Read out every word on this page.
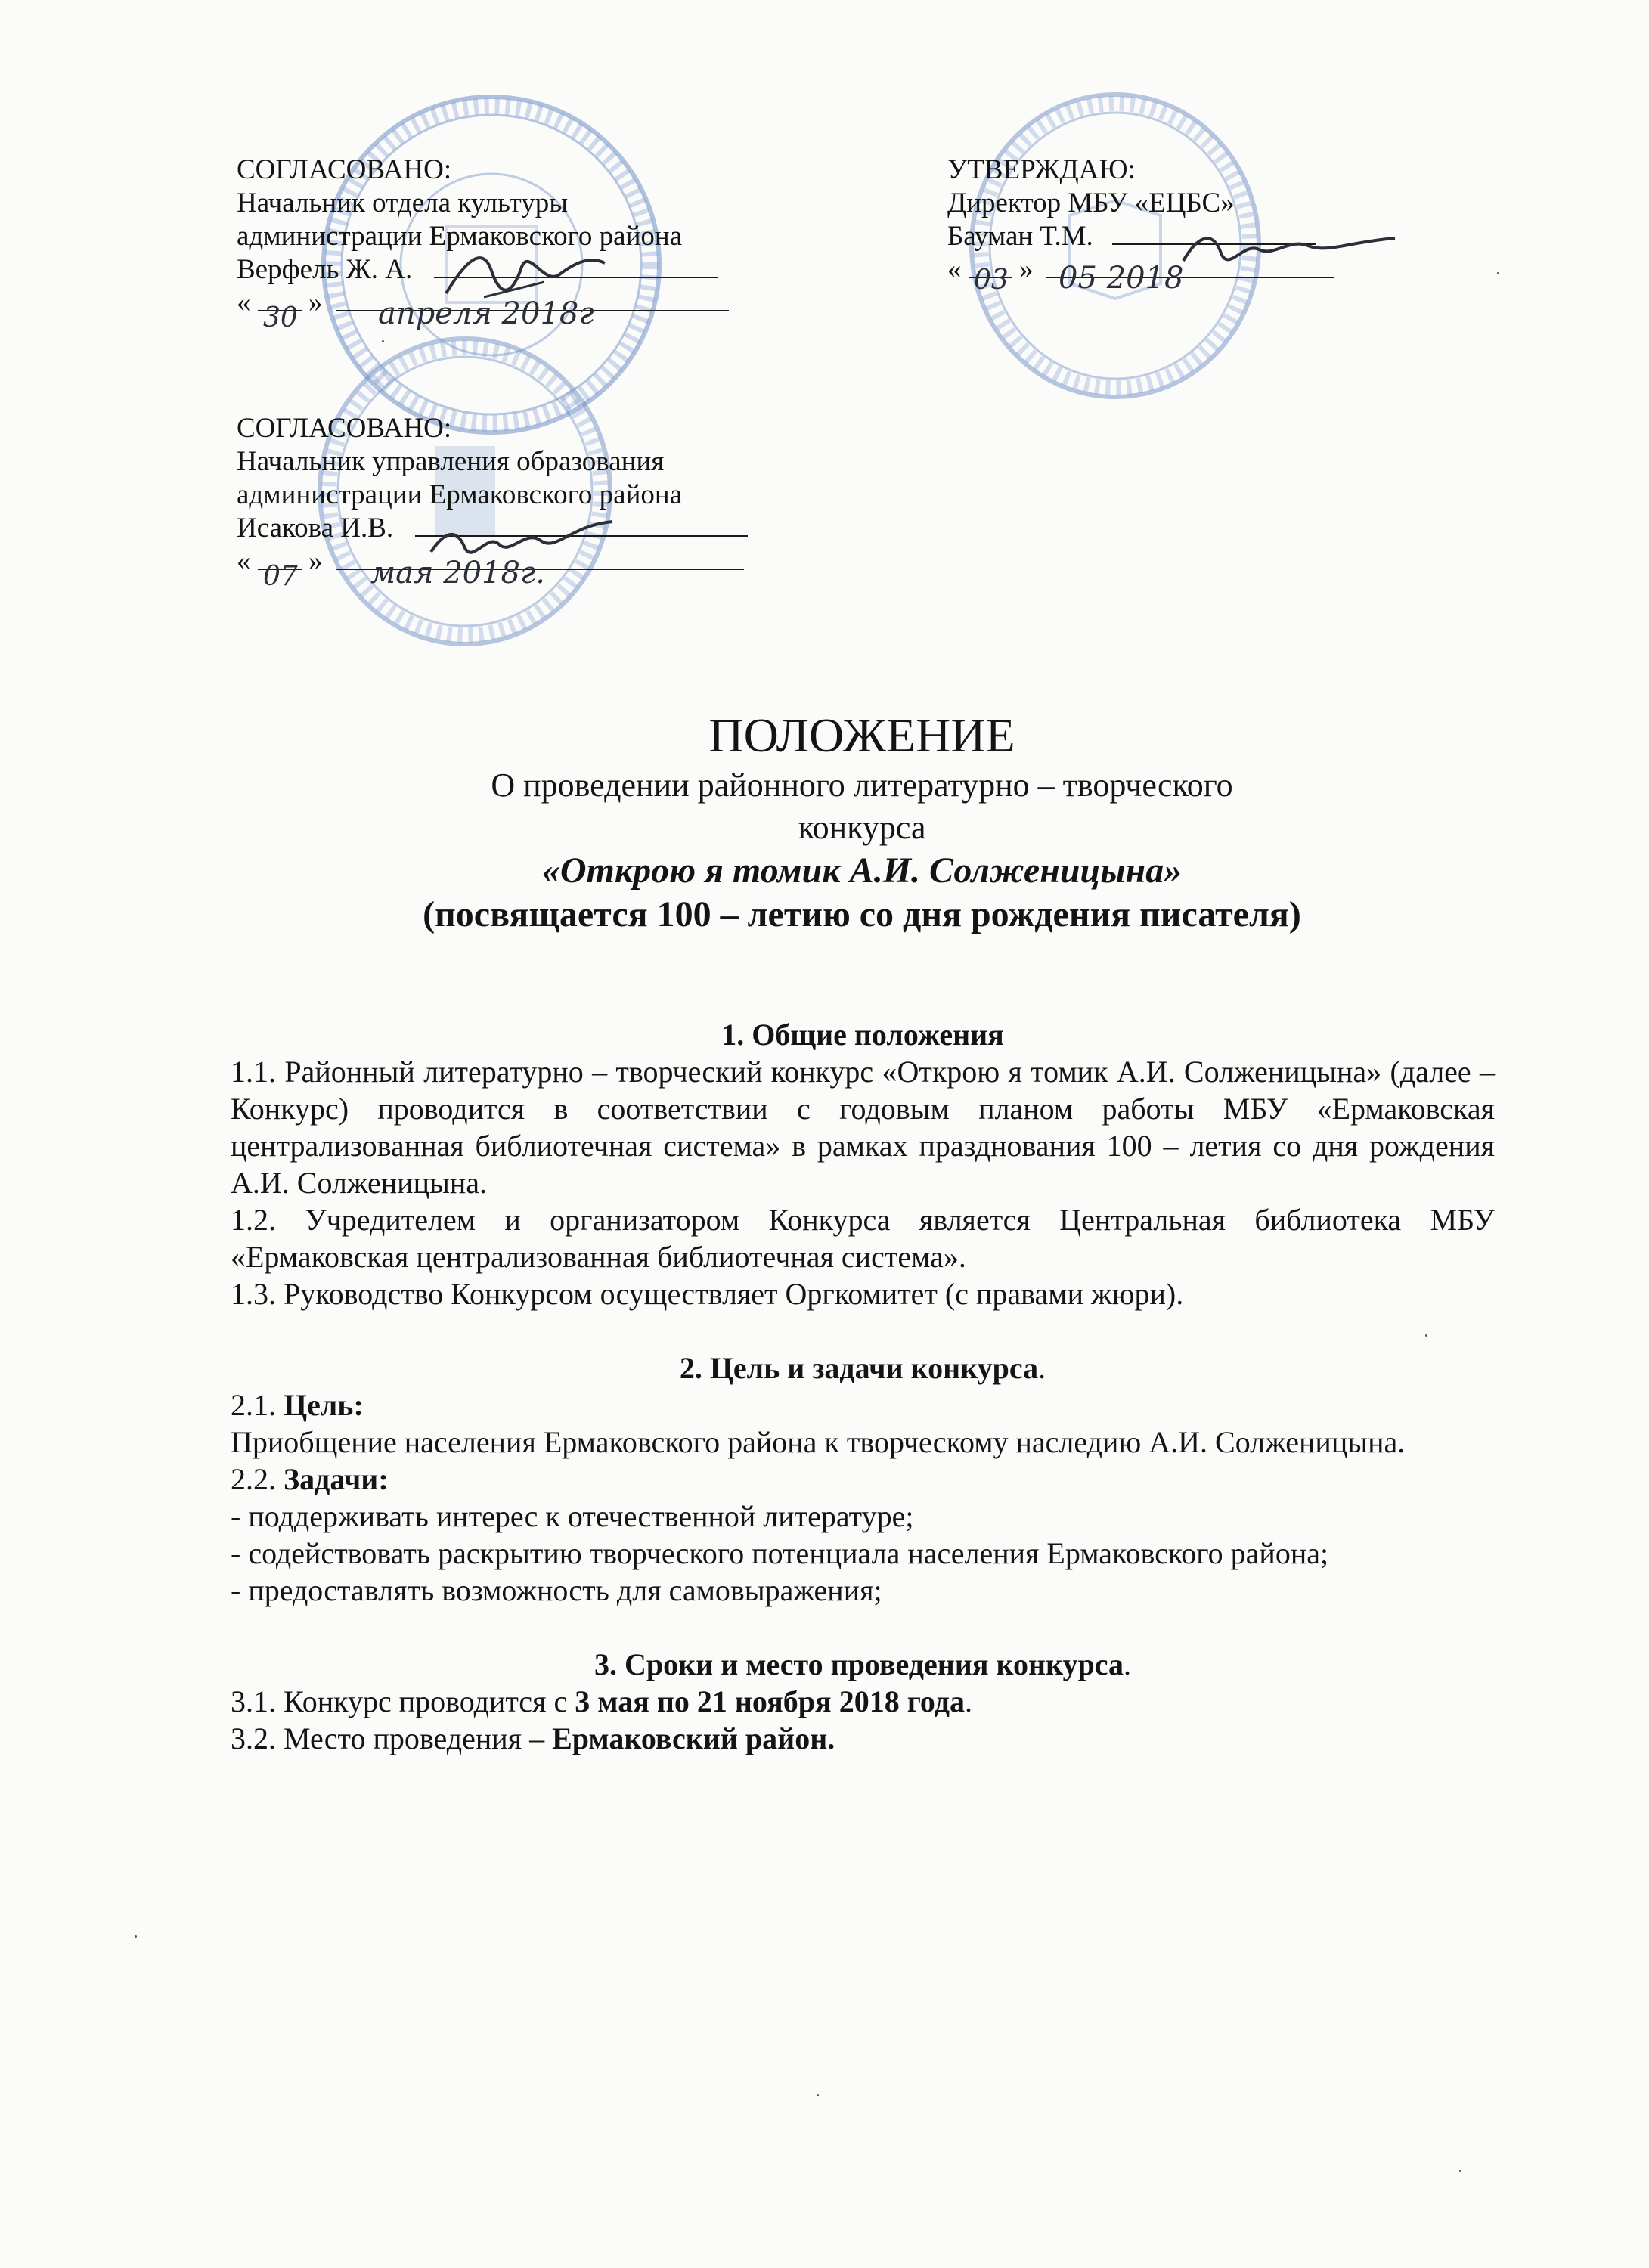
СОГЛАСОВАНО:
Начальник отдела культуры
администрации Ермаковского района
Верфель Ж. А.
«  »
30	апреля 2018г
УТВЕРЖДАЮ:
Директор МБУ «ЕЦБС»
Бауман Т.М.
«  »
03 05 2018
СОГЛАСОВАНО:
Начальник управления образования
администрации Ермаковского района
Исакова И.В.
«  »
07 мая 2018г.
ПОЛОЖЕНИЕ
О проведении районного литературно – творческого
конкурса
«Открою я томик А.И. Солженицына»
(посвящается 100 – летию со дня рождения писателя)
1. Общие положения
1.1. Районный литературно – творческий конкурс «Открою я томик А.И. Солженицына» (далее – Конкурс) проводится в соответствии с годовым планом работы МБУ «Ермаковская централизованная библиотечная система» в рамках празднования 100 – летия со дня рождения А.И. Солженицына.
1.2. Учредителем и организатором Конкурса является Центральная библиотека МБУ «Ермаковская централизованная библиотечная система».
1.3. Руководство Конкурсом осуществляет Оргкомитет (с правами жюри).
2. Цель и задачи конкурса.
2.1. Цель:
Приобщение населения Ермаковского района к творческому наследию А.И. Солженицына.
2.2. Задачи:
- поддерживать интерес к отечественной литературе;
- содействовать раскрытию творческого потенциала населения Ермаковского района;
- предоставлять возможность для самовыражения;
3. Сроки и место проведения конкурса.
3.1. Конкурс проводится с 3 мая по 21 ноября 2018 года.
3.2. Место проведения – Ермаковский район.
